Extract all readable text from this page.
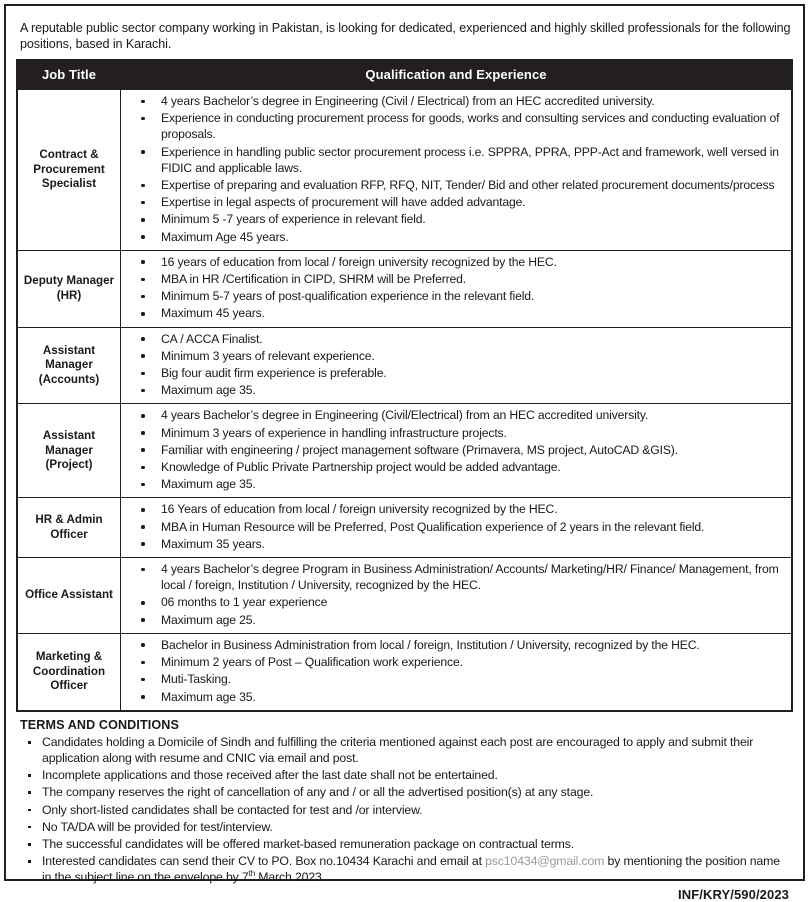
A reputable public sector company working in Pakistan, is looking for dedicated, experienced and highly skilled professionals for the following positions, based in Karachi.

Job Title	Qualification and Experience
Contract & Procurement Specialist	
4 years Bachelor’s degree in Engineering (Civil / Electrical) from an HEC accredited university.
Experience in conducting procurement process for goods, works and consulting services and conducting evaluation of proposals.
Experience in handling public sector procurement process i.e. SPPRA, PPRA, PPP-Act and framework, well versed in FIDIC and applicable laws.
Expertise of preparing and evaluation RFP, RFQ, NIT, Tender/ Bid and other related procurement documents/process
Expertise in legal aspects of procurement will have added advantage.
Minimum 5 -7 years of experience in relevant field.
Maximum Age 45 years.

Deputy Manager (HR)	
16 years of education from local / foreign university recognized by the HEC.
MBA in HR /Certification in CIPD, SHRM will be Preferred.
Minimum 5-7 years of post-qualification experience in the relevant field.
Maximum 45 years.

Assistant Manager (Accounts)	
CA / ACCA Finalist.
Minimum 3 years of relevant experience.
Big four audit firm experience is preferable.
Maximum age 35.

Assistant Manager (Project)	
4 years Bachelor’s degree in Engineering (Civil/Electrical) from an HEC accredited university.
Minimum 3 years of experience in handling infrastructure projects.
Familiar with engineering / project management software (Primavera, MS project, AutoCAD &GIS).
Knowledge of Public Private Partnership project would be added advantage.
Maximum age 35.

HR & Admin Officer	
16 Years of education from local / foreign university recognized by the HEC.
MBA in Human Resource will be Preferred, Post Qualification experience of 2 years in the relevant field.
Maximum 35 years.

Office Assistant	
4 years Bachelor’s degree Program in Business Administration/ Accounts/ Marketing/HR/ Finance/ Management, from local / foreign, Institution / University, recognized by the HEC.
06 months to 1 year experience
Maximum age 25.

Marketing & Coordination Officer	
Bachelor in Business Administration from local / foreign, Institution / University, recognized by the HEC.
Minimum 2 years of Post – Qualification work experience.
Muti-Tasking.
Maximum age 35.
TERMS AND CONDITIONS
Candidates holding a Domicile of Sindh and fulfilling the criteria mentioned against each post are encouraged to apply and submit their application along with resume and CNIC via email and post.
Incomplete applications and those received after the last date shall not be entertained.
The company reserves the right of cancellation of any and / or all the advertised position(s) at any stage.
Only short-listed candidates shall be contacted for test and /or interview.
No TA/DA will be provided for test/interview.
The successful candidates will be offered market-based remuneration package on contractual terms.
Interested candidates can send their CV to PO. Box no.10434 Karachi and email at psc10434@gmail.com by mentioning the position name in the subject line on the envelope by 7th March 2023.
INF/KRY/590/2023
